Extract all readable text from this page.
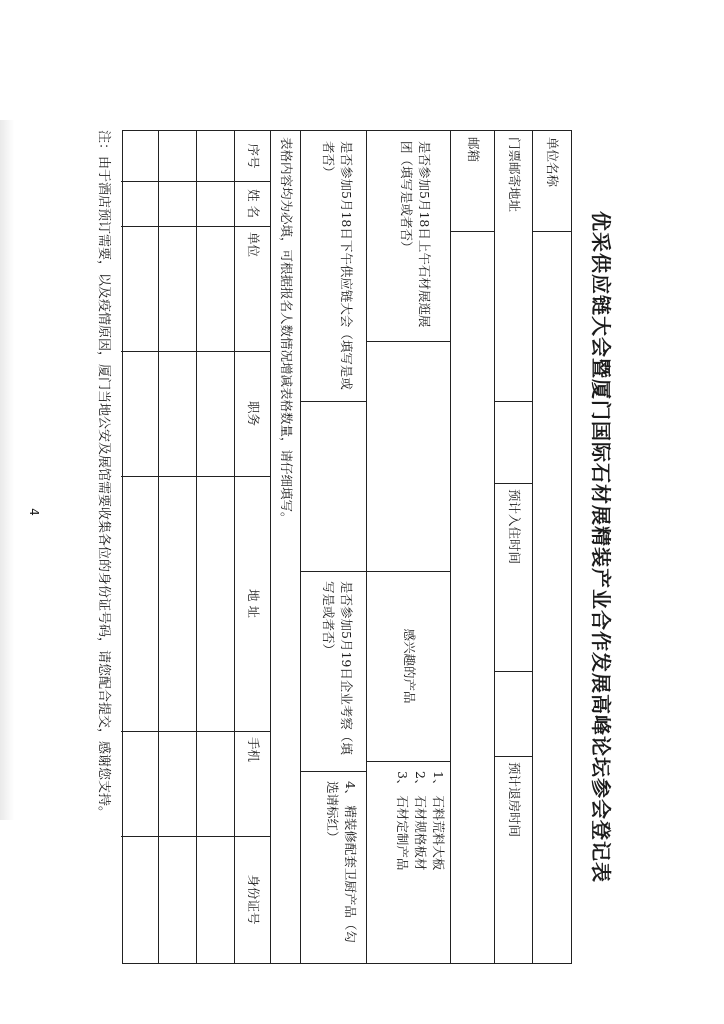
优采供应链大会暨厦门国际石材展精装产业合作发展高峰论坛参会登记表
单位名称
门票邮寄地址
预计入住时间
预计退房时间
邮箱
是否参加5月18日上午石材展逛展团（填写是或者否）
感兴趣的产品
1、 石料荒料大板
2、 石材规格板材
3、 石材定制产品
是否参加5月18日下午供应链大会（填写是或者否）
是否参加5月19日企业考察（填写是或者否）
4、 精装修配套卫厨产品（勾选请标红）
表格内容均为必填，可根据报名人数情况增减表格数量，请仔细填写。
序号
姓 名
单位
职务
地 址
手机
身份证号
注：由于酒店预订需要，以及疫情原因，厦门当地公安及展馆需要收集各位的身份证号码，请您配合提交，感谢您支持。
4
